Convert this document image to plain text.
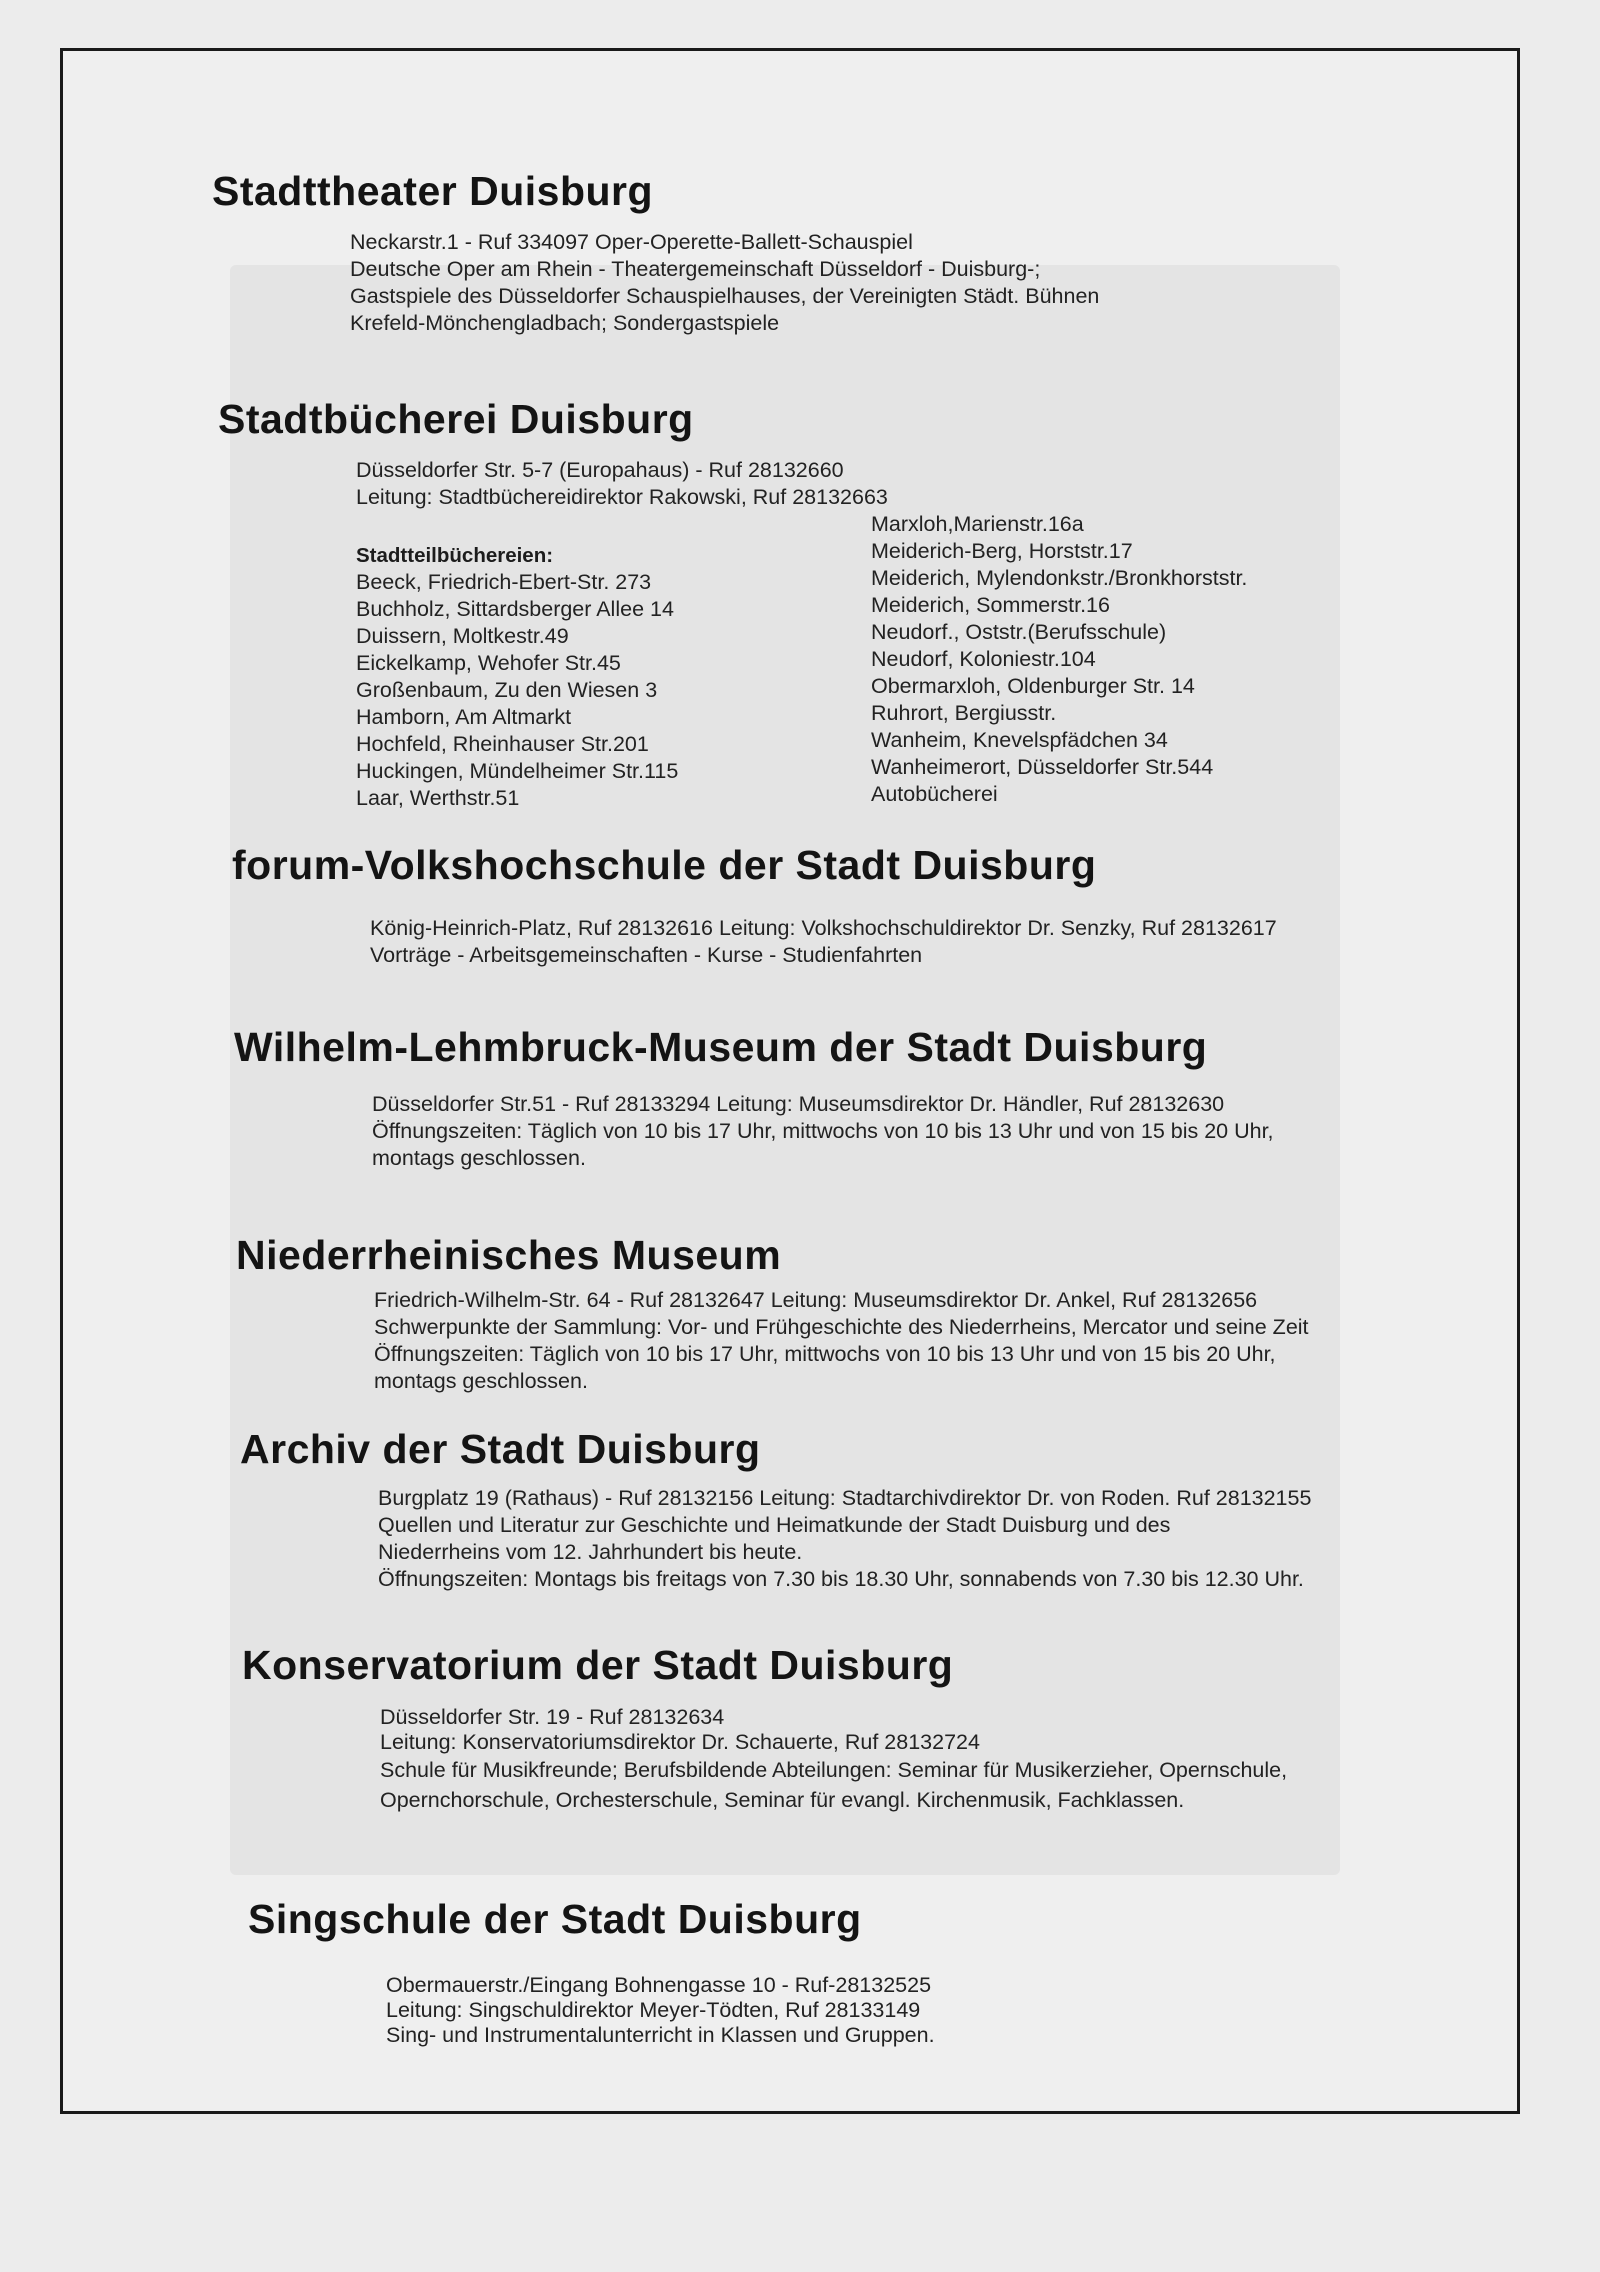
Stadttheater Duisburg
Neckarstr.1 - Ruf 334097 Oper-Operette-Ballett-Schauspiel
Deutsche Oper am Rhein - Theatergemeinschaft Düsseldorf - Duisburg-;
Gastspiele des Düsseldorfer Schauspielhauses, der Vereinigten Städt. Bühnen
Krefeld-Mönchengladbach; Sondergastspiele
Stadtbücherei Duisburg
Düsseldorfer Str. 5-7 (Europahaus) - Ruf 28132660
Leitung: Stadtbüchereidirektor Rakowski, Ruf 28132663
Stadtteilbüchereien:
Beeck, Friedrich-Ebert-Str. 273
Buchholz, Sittardsberger Allee 14
Duissern, Moltkestr.49
Eickelkamp, Wehofer Str.45
Großenbaum, Zu den Wiesen 3
Hamborn, Am Altmarkt
Hochfeld, Rheinhauser Str.201
Huckingen, Mündelheimer Str.115
Laar, Werthstr.51
Marxloh,Marienstr.16a
Meiderich-Berg, Horststr.17
Meiderich, Mylendonkstr./Bronkhorststr.
Meiderich, Sommerstr.16
Neudorf., Oststr.(Berufsschule)
Neudorf, Koloniestr.104
Obermarxloh, Oldenburger Str. 14
Ruhrort, Bergiusstr.
Wanheim, Knevelspfädchen 34
Wanheimerort, Düsseldorfer Str.544
Autobücherei
forum-Volkshochschule der Stadt Duisburg
König-Heinrich-Platz, Ruf 28132616 Leitung: Volkshochschuldirektor Dr. Senzky, Ruf 28132617
Vorträge - Arbeitsgemeinschaften - Kurse - Studienfahrten
Wilhelm-Lehmbruck-Museum der Stadt Duisburg
Düsseldorfer Str.51 - Ruf 28133294 Leitung: Museumsdirektor Dr. Händler, Ruf 28132630
Öffnungszeiten: Täglich von 10 bis 17 Uhr, mittwochs von 10 bis 13 Uhr und von 15 bis 20 Uhr,
montags geschlossen.
Niederrheinisches Museum
Friedrich-Wilhelm-Str. 64 - Ruf 28132647 Leitung: Museumsdirektor Dr. Ankel, Ruf 28132656
Schwerpunkte der Sammlung: Vor- und Frühgeschichte des Niederrheins, Mercator und seine Zeit
Öffnungszeiten: Täglich von 10 bis 17 Uhr, mittwochs von 10 bis 13 Uhr und von 15 bis 20 Uhr,
montags geschlossen.
Archiv der Stadt Duisburg
Burgplatz 19 (Rathaus) - Ruf 28132156 Leitung: Stadtarchivdirektor Dr. von Roden. Ruf 28132155
Quellen und Literatur zur Geschichte und Heimatkunde der Stadt Duisburg und des
Niederrheins vom 12. Jahrhundert bis heute.
Öffnungszeiten: Montags bis freitags von 7.30 bis 18.30 Uhr, sonnabends von 7.30 bis 12.30 Uhr.
Konservatorium der Stadt Duisburg
Düsseldorfer Str. 19 - Ruf 28132634
Leitung: Konservatoriumsdirektor Dr. Schauerte, Ruf 28132724
Schule für Musikfreunde; Berufsbildende Abteilungen: Seminar für Musikerzieher, Opernschule,
Opernchorschule, Orchesterschule, Seminar für evangl. Kirchenmusik, Fachklassen.
Singschule der Stadt Duisburg
Obermauerstr./Eingang Bohnengasse 10 - Ruf-28132525
Leitung: Singschuldirektor Meyer-Tödten, Ruf 28133149
Sing- und Instrumentalunterricht in Klassen und Gruppen.
